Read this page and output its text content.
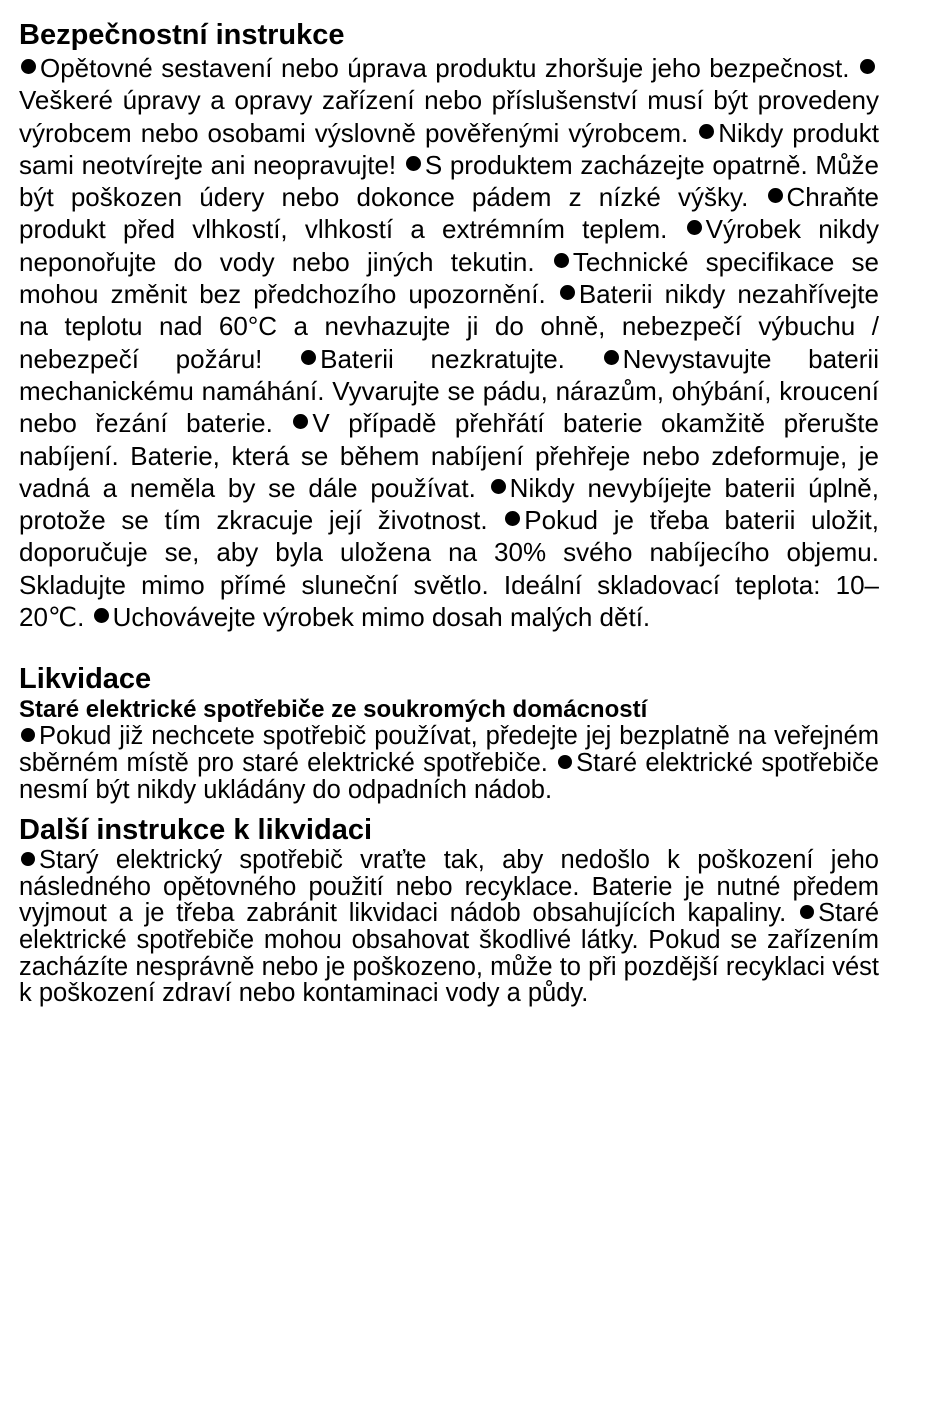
Bezpečnostní instrukce

Opětovné sestavení nebo úprava produktu zhoršuje jeho bezpečnost. Veškeré úpravy a opravy zařízení nebo příslušenství musí být provedeny výrobcem nebo osobami výslovně pověřenými výrobcem. Nikdy produkt sami neotvírejte ani neopravujte! S produktem zacházejte opatrně. Může být poškozen údery nebo dokonce pádem z nízké výšky. Chraňte produkt před vlhkostí, vlhkostí a extrémním teplem. Výrobek nikdy neponořujte do vody nebo jiných tekutin. Technické specifikace se mohou změnit bez předchozího upozornění. Baterii nikdy nezahřívejte na teplotu nad 60°C a nevhazujte ji do ohně, nebezpečí výbuchu / nebezpečí požáru! Baterii nezkratujte. Nevystavujte baterii mechanickému namáhání. Vyvarujte se pádu, nárazům, ohýbání, kroucení nebo řezání baterie. V případě přehřátí baterie okamžitě přerušte nabíjení. Baterie, která se během nabíjení přehřeje nebo zdeformuje, je vadná a neměla by se dále používat. Nikdy nevybíjejte baterii úplně, protože se tím zkracuje její životnost. Pokud je třeba baterii uložit, doporučuje se, aby byla uložena na 30% svého nabíjecího objemu. Skladujte mimo přímé sluneční světlo. Ideální skladovací teplota: 10–20℃. Uchovávejte výrobek mimo dosah malých dětí.

Likvidace
Staré elektrické spotřebiče ze soukromých domácností

Pokud již nechcete spotřebič používat, předejte jej bezplatně na veřejném sběrném místě pro staré elektrické spotřebiče. Staré elektrické spotřebiče nesmí být nikdy ukládány do odpadních nádob.

Další instrukce k likvidaci

Starý elektrický spotřebič vraťte tak, aby nedošlo k poškození jeho následného opětovného použití nebo recyklace. Baterie je nutné předem vyjmout a je třeba zabránit likvidaci nádob obsahujících kapaliny. Staré elektrické spotřebiče mohou obsahovat škodlivé látky. Pokud se zařízením zacházíte nesprávně nebo je poškozeno, může to při pozdější recyklaci vést k poškození zdraví nebo kontaminaci vody a půdy.
